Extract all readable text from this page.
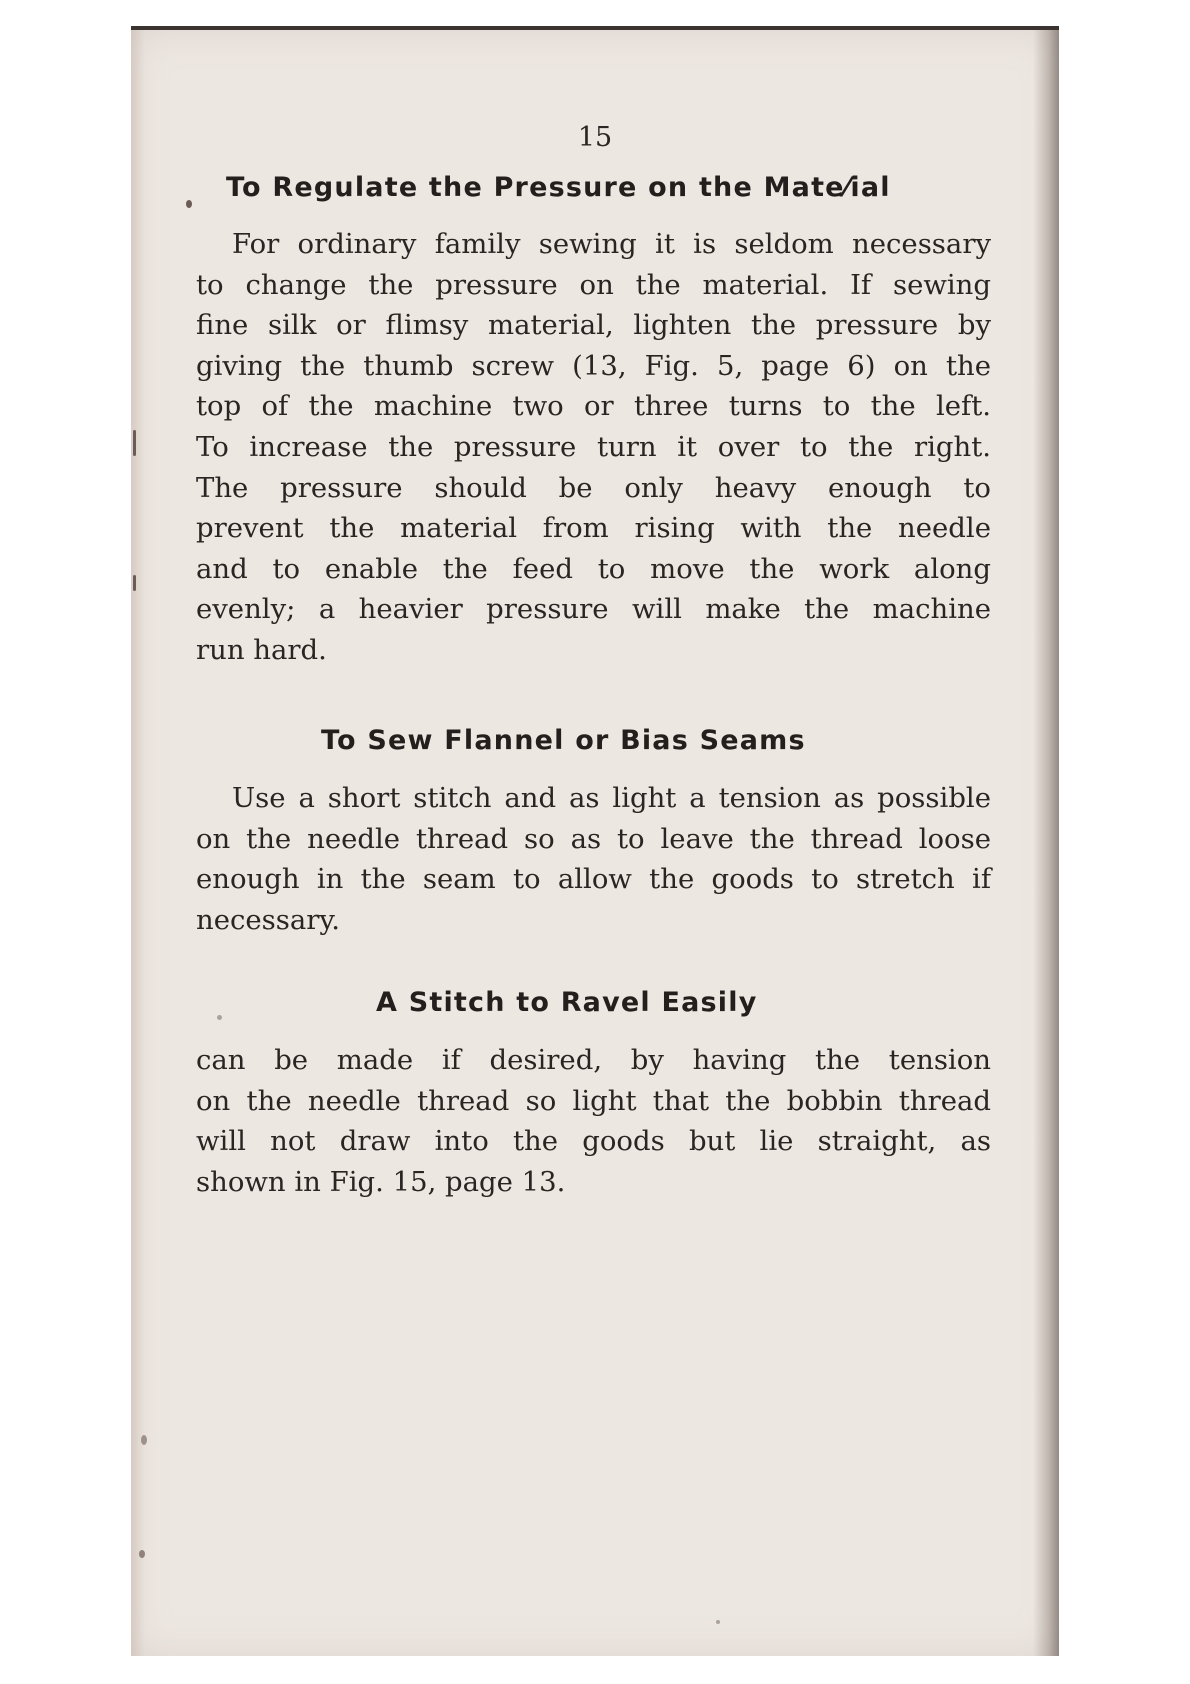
15
To Regulate the Pressure on the Mate⁄ial
For ordinary family sewing it is seldom necessary
to change the pressure on the material. If sewing
fine silk or flimsy material, lighten the pressure by
giving the thumb screw (13, Fig. 5, page 6) on the
top of the machine two or three turns to the left.
To increase the pressure turn it over to the right.
The pressure should be only heavy enough to
prevent the material from rising with the needle
and to enable the feed to move the work along
evenly; a heavier pressure will make the machine
run hard.
To Sew Flannel or Bias Seams
Use a short stitch and as light a tension as possible
on the needle thread so as to leave the thread loose
enough in the seam to allow the goods to stretch if
necessary.
A Stitch to Ravel Easily
can be made if desired, by having the tension
on the needle thread so light that the bobbin thread
will not draw into the goods but lie straight, as
shown in Fig. 15, page 13.
